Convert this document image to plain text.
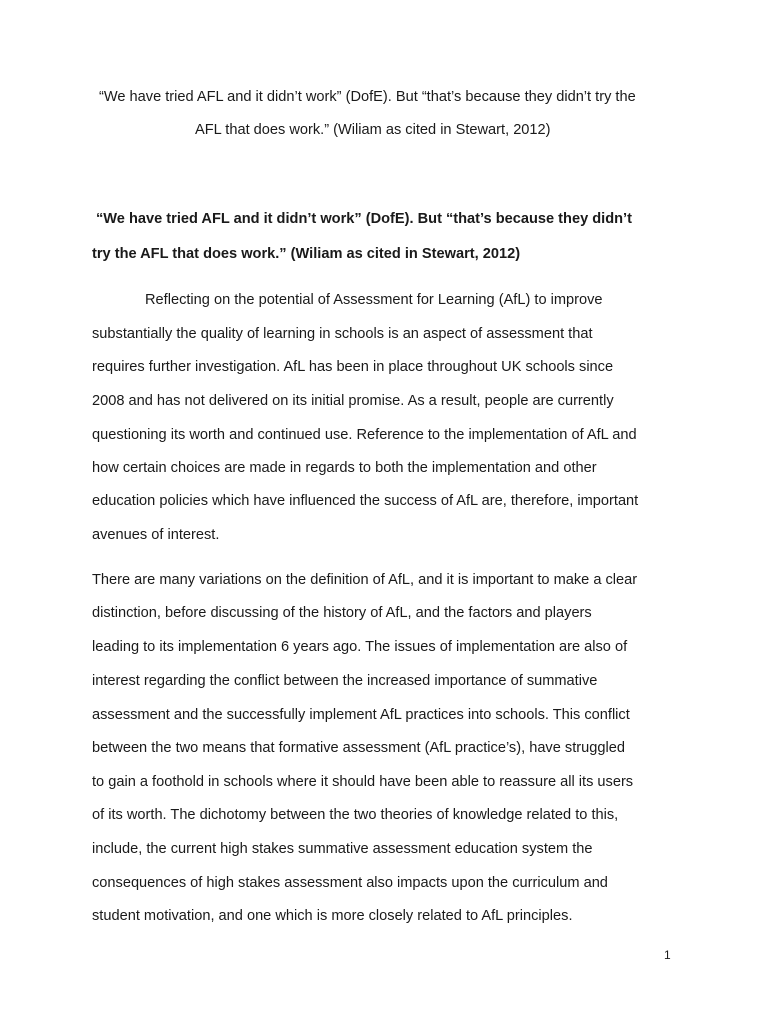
“We have tried AFL and it didn’t work” (DofE). But “that’s because they didn’t try the
AFL that does work.” (Wiliam as cited in Stewart, 2012)
“We have tried AFL and it didn’t work” (DofE). But “that’s because they didn’t
try the AFL that does work.” (Wiliam as cited in Stewart, 2012)
Reflecting on the potential of Assessment for Learning (AfL) to improve
substantially the quality of learning in schools is an aspect of assessment that
requires further investigation. AfL has been in place throughout UK schools since
2008 and has not delivered on its initial promise. As a result, people are currently
questioning its worth and continued use. Reference to the implementation of AfL and
how certain choices are made in regards to both the implementation and other
education policies which have influenced the success of AfL are, therefore, important
avenues of interest.
There are many variations on the definition of AfL, and it is important to make a clear
distinction, before discussing of the history of AfL, and the factors and players
leading to its implementation 6 years ago. The issues of implementation are also of
interest regarding the conflict between the increased importance of summative
assessment and the successfully implement AfL practices into schools. This conflict
between the two means that formative assessment (AfL practice’s), have struggled
to gain a foothold in schools where it should have been able to reassure all its users
of its worth. The dichotomy between the two theories of knowledge related to this,
include, the current high stakes summative assessment education system the
consequences of high stakes assessment also impacts upon the curriculum and
student motivation, and one which is more closely related to AfL principles.
1
